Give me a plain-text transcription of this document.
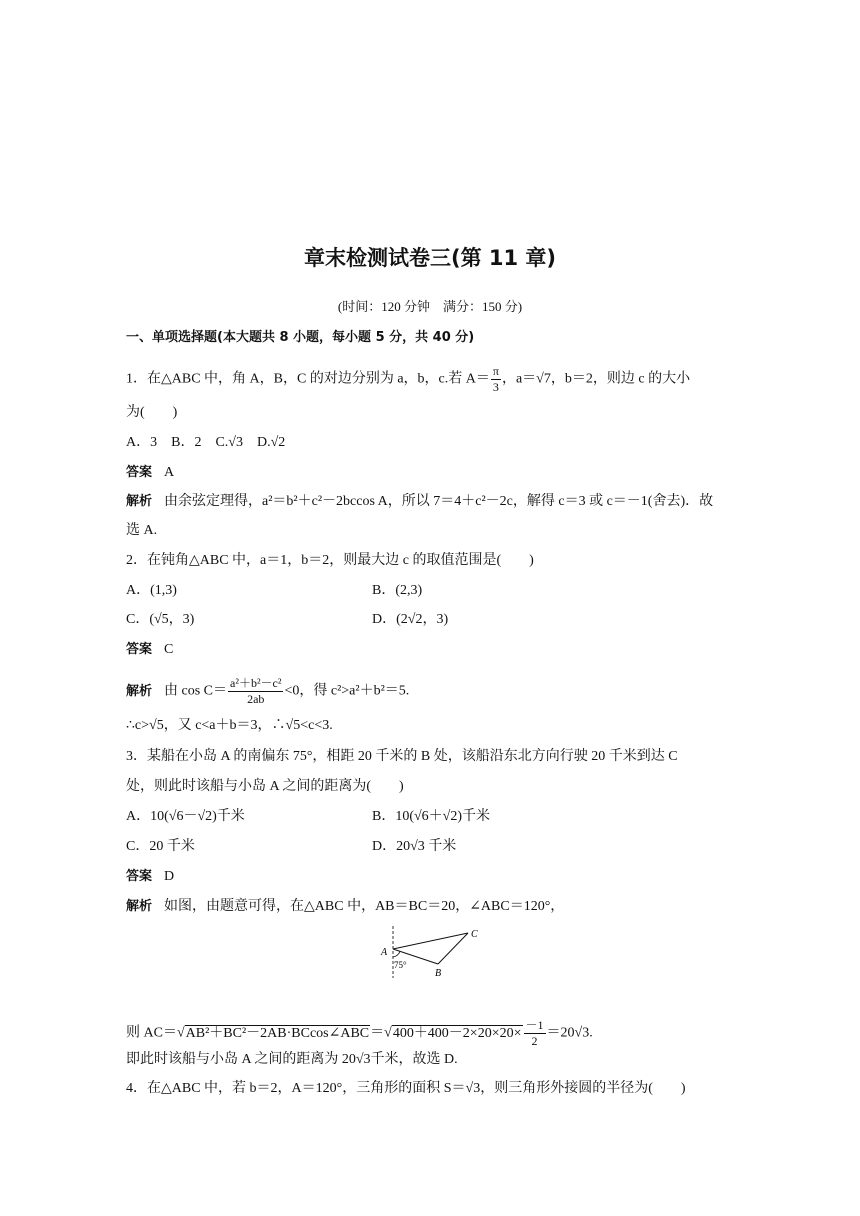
章末检测试卷三(第 11 章)
(时间：120 分钟　满分：150 分)
一、单项选择题(本大题共 8 小题，每小题 5 分，共 40 分)
1．在△ABC 中，角 A，B，C 的对边分别为 a，b，c.若 $A= \frac{\pi}{3}$ ，a＝√7，b＝2，则边 c 的大小
为(　　)
A．3　B．2　C.√3　D.√2
答案 A
解析 由余弦定理得，a²＝b²＋c²－2bccos A，所以 7＝4＋c²－2c，解得 c＝3 或 c＝－1(舍去)．故
选 A.
2．在钝角△ABC 中，a＝1，b＝2，则最大边 c 的取值范围是(　　)
A．(1,3)	B．(2,3)
C．(√5，3)	D．(2√2，3)
答案 C
解析 由 $\cos C= \frac{\text{a²＋b²－c²}}{2ab} <0$，得 c²>a²＋b²＝5.
∴c>√5，又 c<a＋b＝3，∴√5<c<3.
3．某船在小岛 A 的南偏东 75°，相距 20 千米的 B 处，该船沿东北方向行驶 20 千米到达 C
处，则此时该船与小岛 A 之间的距离为(　　)
A．10(√6－√2)千米	B．10(√6＋√2)千米
C．20 千米	D．20√3 千米
答案 D
解析 如图，由题意可得，在△ABC 中，AB＝BC＝20，∠ABC＝120°，
A
B
C
75°
则 AC＝√AB²＋BC²－2AB·BCcos∠ABC＝√400＋400－2×20×20× $\frac{-1}{2} =20√3$.
即此时该船与小岛 A 之间的距离为 20√3千米，故选 D.
4．在△ABC 中，若 b＝2，A＝120°，三角形的面积 S＝√3，则三角形外接圆的半径为(　　)
